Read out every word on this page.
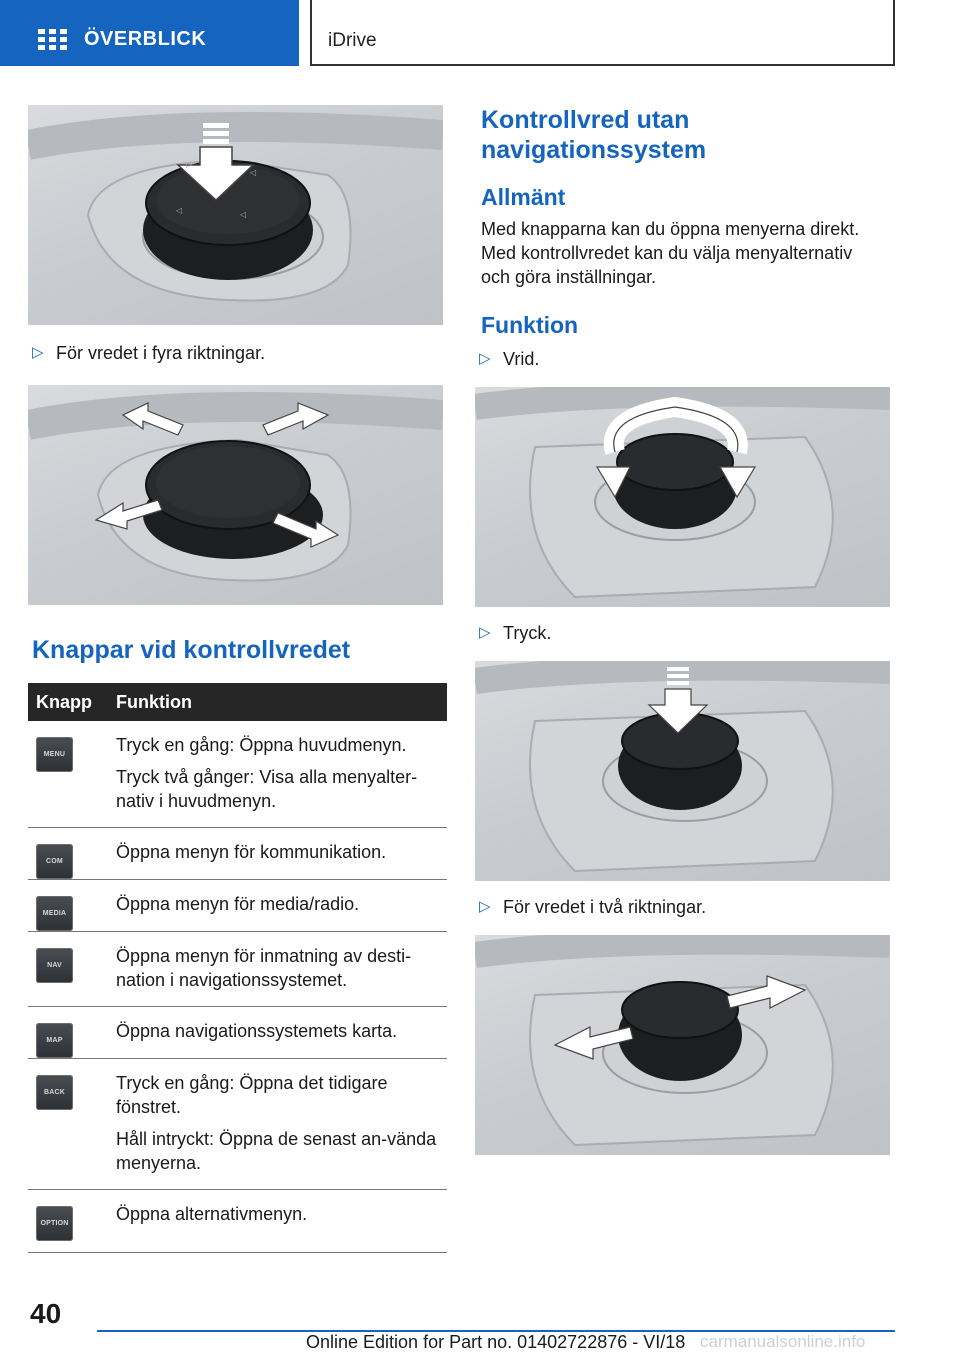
ÖVERBLICK	iDrive
▷
◁
◁	◁
▷ För vredet i fyra riktningar.
Knappar vid kontrollvredet
Knapp	Funktion

MENU	Tryck en gång: Öppna huvudmenyn.

Tryck två gånger: Visa alla menyalter-nativ i huvudmenyn.

COM	Öppna menyn för kommunikation.

MEDIA	Öppna menyn för media/radio.

NAV	Öppna menyn för inmatning av desti-nation i navigationssystemet.

MAP	Öppna navigationssystemets karta.

BACK	Tryck en gång: Öppna det tidigare fönstret.

Håll intryckt: Öppna de senast an-vända menyerna.

OPTION	Öppna alternativmenyn.

Kontrollvred utan navigationssystem
Allmänt
Med knapparna kan du öppna menyerna direkt. Med kontrollvredet kan du välja menyalternativ och göra inställningar.
Funktion
▷ Vrid.
▷ Tryck.
▷ För vredet i två riktningar.
40
Online Edition for Part no. 01402722876 - VI/18 carmanualsonline.info
